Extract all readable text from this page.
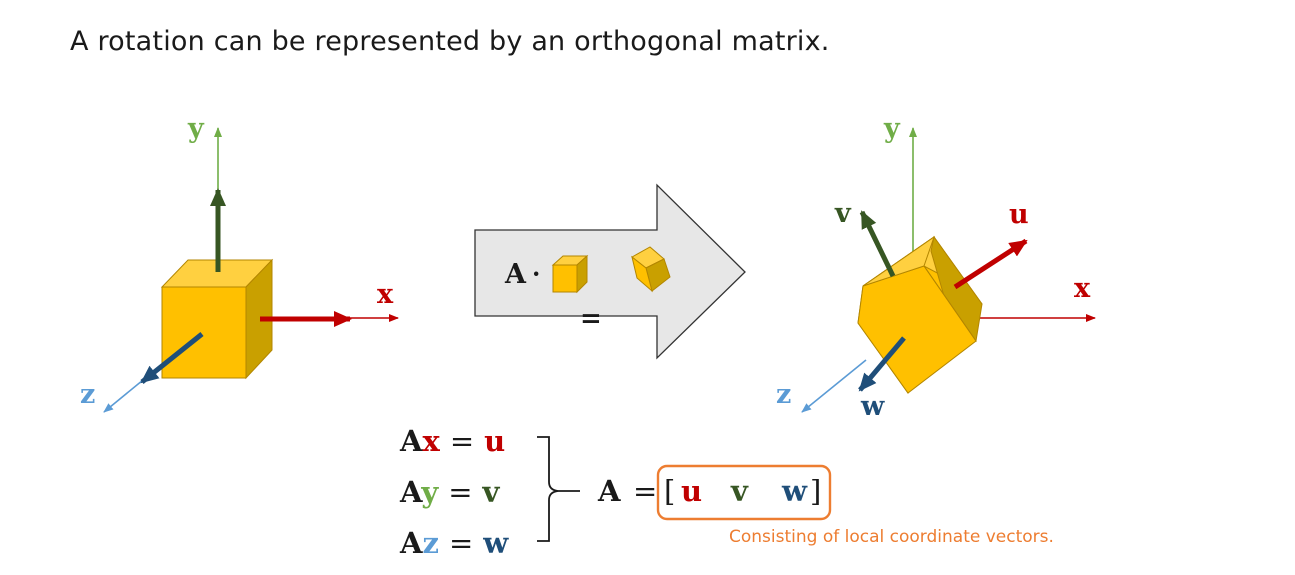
A rotation can be represented by an orthogonal matrix.
y
x
z
A ·
=
y
x
z
u
v
w
Ax = u
Ay = v
Az = w
A = [ u v w ]
Consisting of local coordinate vectors.
